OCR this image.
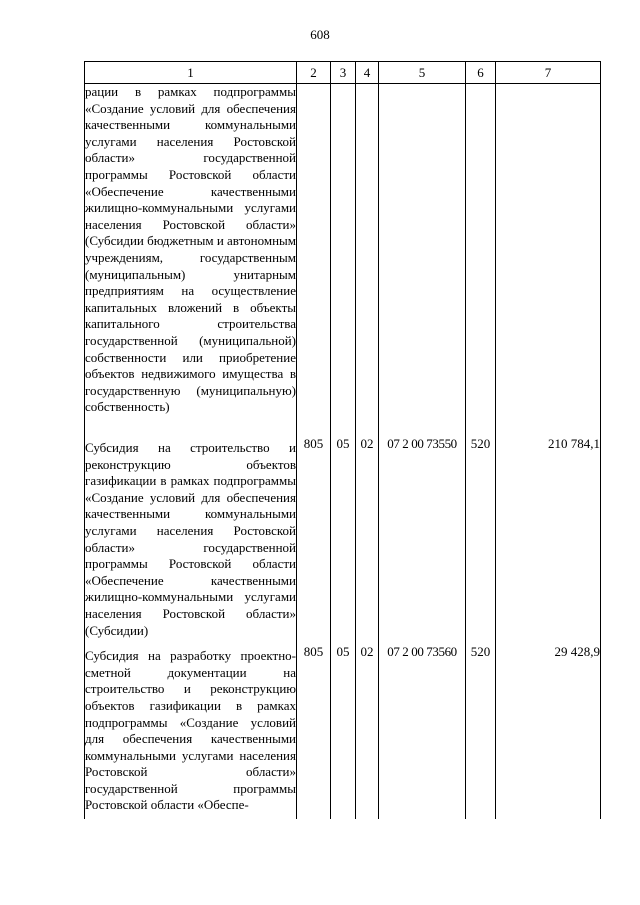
608
1	2	3	4	5	6	7
рации в рамках подпрограммы «Создание условий для обеспечения качественными коммунальными услугами населения Ростовской области» государственной программы Ростовской области «Обеспечение качественными жилищно-коммунальными услугами населения Ростовской области» (Субсидии бюджетным и автономным учреждениям, государственным (муниципальным) унитарным предприятиям на осуществление капитальных вложений в объекты капитального строительства государственной (муниципальной) собственности или приобретение объектов недвижимого имущества в государственную (муниципальную) собственность)						
Субсидия на строительство и реконструкцию объектов газификации в рамках подпрограммы «Создание условий для обеспечения качественными коммунальными услугами населения Ростовской области» государственной программы Ростовской области «Обеспечение качественными жилищно-коммунальными услугами населения Ростовской области» (Субсидии)	805	05	02	07 2 00 73550	520	210 784,1
Субсидия на разработку проектно-сметной документации на строительство и реконструкцию объектов газификации в рамках подпрограммы «Создание условий для обеспечения качественными коммунальными услугами населения Ростовской области» государственной программы Ростовской области «Обеспе-	805	05	02	07 2 00 73560	520	29 428,9
